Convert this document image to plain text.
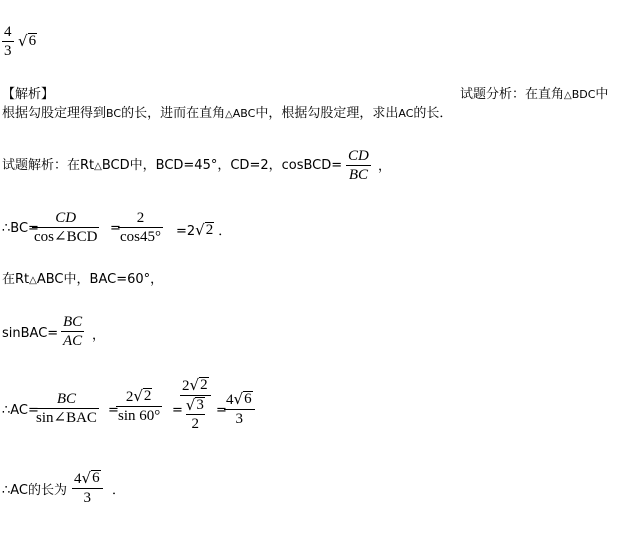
4
3
√ 6
【解析】	试题分析：在直角△BDC中
根据勾股定理得到BC的长，进而在直角△ABC中，根据勾股定理，求出AC的长．
试题解析：在Rt△BCD中，BCD=45°，CD=2，cosBCD=
CD
BC
，
∴BC=
CD
cos∠BCD
=
2
cos45° =2 √ 2 ．
在Rt△ABC中，BAC=60°，
sinBAC=
BC
AC ，
∴AC=
BC
sin∠BAC =
2 √ 2
sin 60° =
2 √ 2
√ 3
2
=
4 √ 6
3
∴AC的长为
4 √ 6
3 ．
